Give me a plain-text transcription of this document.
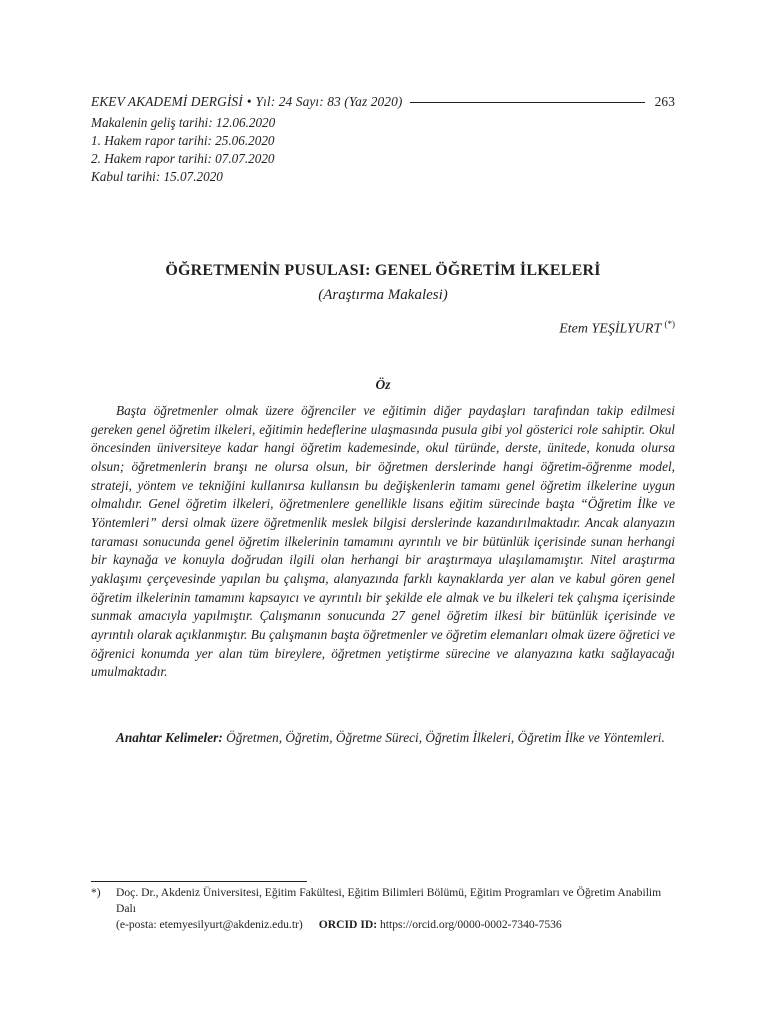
EKEV AKADEMİ DERGİSİ • Yıl: 24 Sayı: 83 (Yaz 2020)	263
Makalenin geliş tarihi: 12.06.2020
1. Hakem rapor tarihi: 25.06.2020
2. Hakem rapor tarihi: 07.07.2020
Kabul tarihi: 15.07.2020
ÖĞRETMENİN PUSULASI: GENEL ÖĞRETİM İLKELERİ
(Araştırma Makalesi)
Etem YEŞİLYURT (*)
Öz

Başta öğretmenler olmak üzere öğrenciler ve eğitimin diğer paydaşları tarafından takip edilmesi gereken genel öğretim ilkeleri, eğitimin hedeflerine ulaşmasında pusula gibi yol gösterici role sahiptir. Okul öncesinden üniversiteye kadar hangi öğretim kademesinde, okul türünde, derste, ünitede, konuda olursa olsun; öğretmenlerin branşı ne olursa olsun, bir öğretmen derslerinde hangi öğretim-öğrenme model, strateji, yöntem ve tekniğini kullanırsa kullansın bu değişkenlerin tamamı genel öğretim ilkelerine uygun olmalıdır. Genel öğretim ilkeleri, öğretmenlere genellikle lisans eğitim sürecinde başta “Öğretim İlke ve Yöntemleri” dersi olmak üzere öğretmenlik meslek bilgisi derslerinde kazandırılmaktadır. Ancak alanyazın taraması sonucunda genel öğretim ilkelerinin tamamını ayrıntılı ve bir bütünlük içerisinde sunan herhangi bir kaynağa ve konuyla doğrudan ilgili olan herhangi bir araştırmaya ulaşılamamıştır. Nitel araştırma yaklaşımı çerçevesinde yapılan bu çalışma, alanyazında farklı kaynaklarda yer alan ve kabul gören genel öğretim ilkelerinin tamamını kapsayıcı ve ayrıntılı bir şekilde ele almak ve bu ilkeleri tek çalışma içerisinde sunmak amacıyla yapılmıştır. Çalışmanın sonucunda 27 genel öğretim ilkesi bir bütünlük içerisinde ve ayrıntılı olarak açıklanmıştır. Bu çalışmanın başta öğretmenler ve öğretim elemanları olmak üzere öğretici ve öğrenici konumda yer alan tüm bireylere, öğretmen yetiştirme sürecine ve alanyazına katkı sağlayacağı umulmaktadır.

Anahtar Kelimeler: Öğretmen, Öğretim, Öğretme Süreci, Öğretim İlkeleri, Öğretim İlke ve Yöntemleri.

*) Doç. Dr., Akdeniz Üniversitesi, Eğitim Fakültesi, Eğitim Bilimleri Bölümü, Eğitim Programları ve Öğretim Anabilim Dalı
(e-posta: etemyesilyurt@akdeniz.edu.tr) ORCID ID: https://orcid.org/0000-0002-7340-7536
